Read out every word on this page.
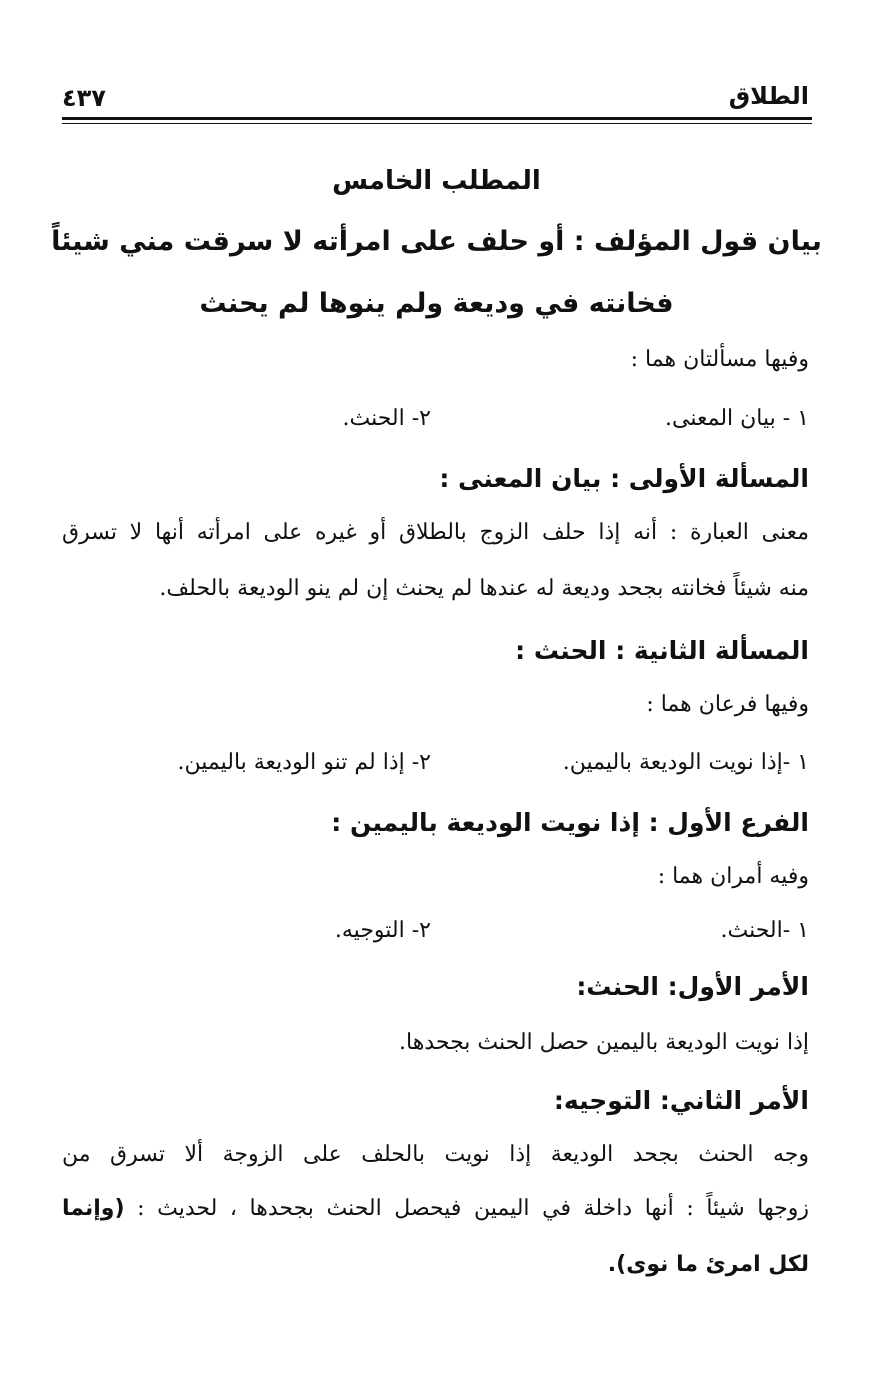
الطلاق
٤٣٧
المطلب الخامس
بيان قول المؤلف : أو حلف على امرأته لا سرقت مني شيئاً
فخانته في وديعة ولم ينوها لم يحنث
وفيها مسألتان هما :
١ - بيان المعنى.
٢- الحنث.
المسألة الأولى : بيان المعنى :
معنى العبارة : أنه إذا حلف الزوج بالطلاق أو غيره على امرأته أنها لا تسرق
منه شيئاً فخانته بجحد وديعة له عندها لم يحنث إن لم ينو الوديعة بالحلف.
المسألة الثانية : الحنث :
وفيها فرعان هما :
١ -إذا نويت الوديعة باليمين.
٢- إذا لم تنو الوديعة باليمين.
الفرع الأول : إذا نويت الوديعة باليمين :
وفيه أمران هما :
١ -الحنث.
٢- التوجيه.
الأمر الأول: الحنث:
إذا نويت الوديعة باليمين حصل الحنث بجحدها.
الأمر الثاني: التوجيه:
وجه الحنث بجحد الوديعة إذا نويت بالحلف على الزوجة ألا تسرق من
زوجها شيئاً : أنها داخلة في اليمين فيحصل الحنث بجحدها ، لحديث : (وإنما
لكل امرئ ما نوى).
